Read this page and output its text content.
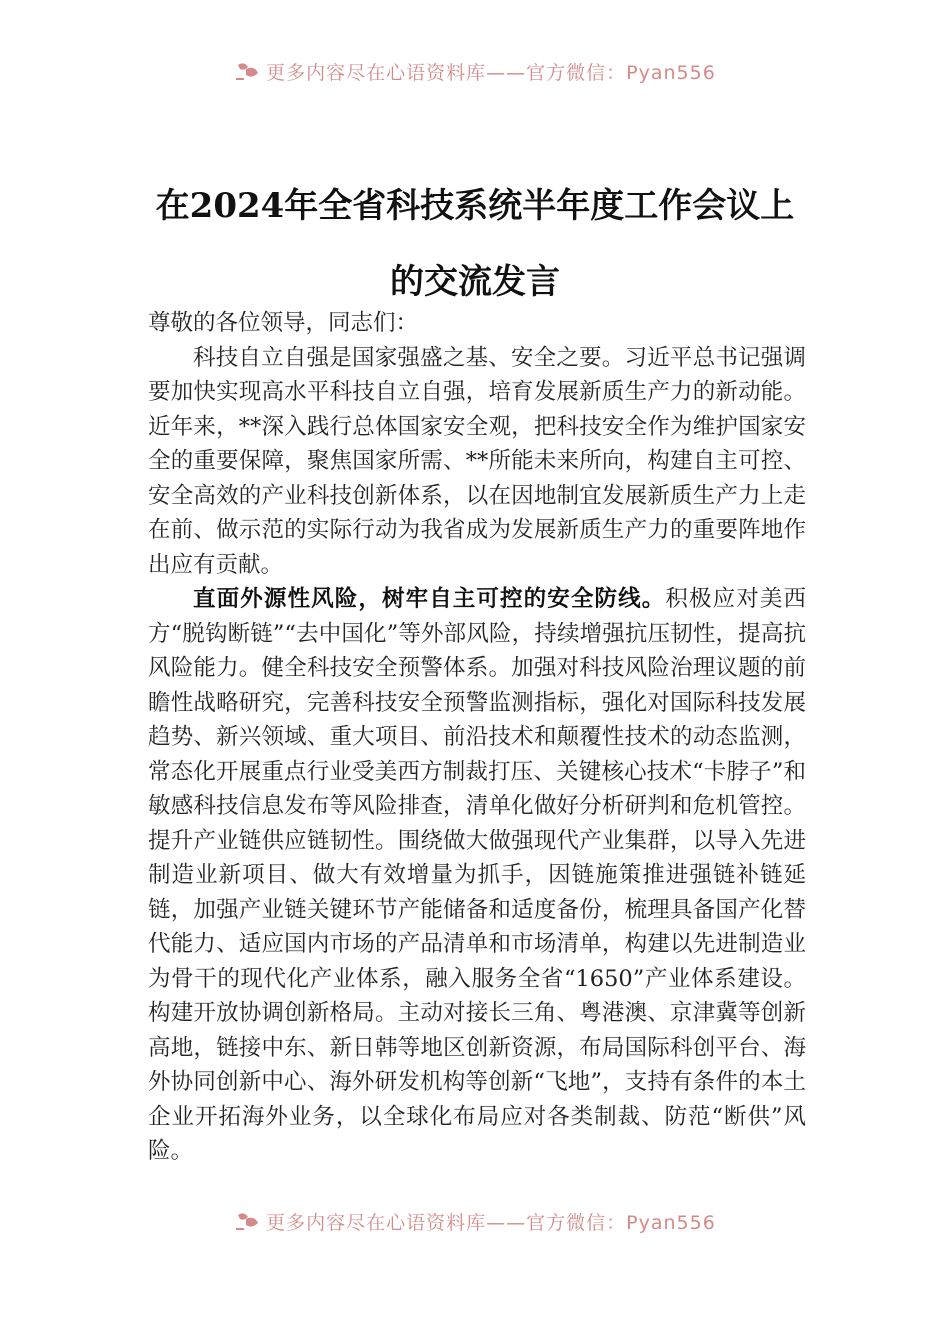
更多内容尽在心语资料库——官方微信：Pyan556
在2024年全省科技系统半年度工作会议上
的交流发言

尊敬的各位领导，同志们：

科技自立自强是国家强盛之基、安全之要。习近平总书记强调要加快实现高水平科技自立自强，培育发展新质生产力的新动能。近年来，**深入践行总体国家安全观，把科技安全作为维护国家安全的重要保障，聚焦国家所需、**所能未来所向，构建自主可控、安全高效的产业科技创新体系，以在因地制宜发展新质生产力上走在前、做示范的实际行动为我省成为发展新质生产力的重要阵地作出应有贡献。

直面外源性风险，树牢自主可控的安全防线。积极应对美西方“脱钩断链”“去中国化”等外部风险，持续增强抗压韧性，提高抗风险能力。健全科技安全预警体系。加强对科技风险治理议题的前瞻性战略研究，完善科技安全预警监测指标，强化对国际科技发展趋势、新兴领域、重大项目、前沿技术和颠覆性技术的动态监测，常态化开展重点行业受美西方制裁打压、关键核心技术“卡脖子”和敏感科技信息发布等风险排查，清单化做好分析研判和危机管控。提升产业链供应链韧性。围绕做大做强现代产业集群，以导入先进制造业新项目、做大有效增量为抓手，因链施策推进强链补链延链，加强产业链关键环节产能储备和适度备份，梳理具备国产化替代能力、适应国内市场的产品清单和市场清单，构建以先进制造业为骨干的现代化产业体系，融入服务全省“1650”产业体系建设。构建开放协调创新格局。主动对接长三角、粤港澳、京津冀等创新高地，链接中东、新日韩等地区创新资源，布局国际科创平台、海外协同创新中心、海外研发机构等创新“飞地”，支持有条件的本土企业开拓海外业务，以全球化布局应对各类制裁、防范“断供”风险。

更多内容尽在心语资料库——官方微信：Pyan556
